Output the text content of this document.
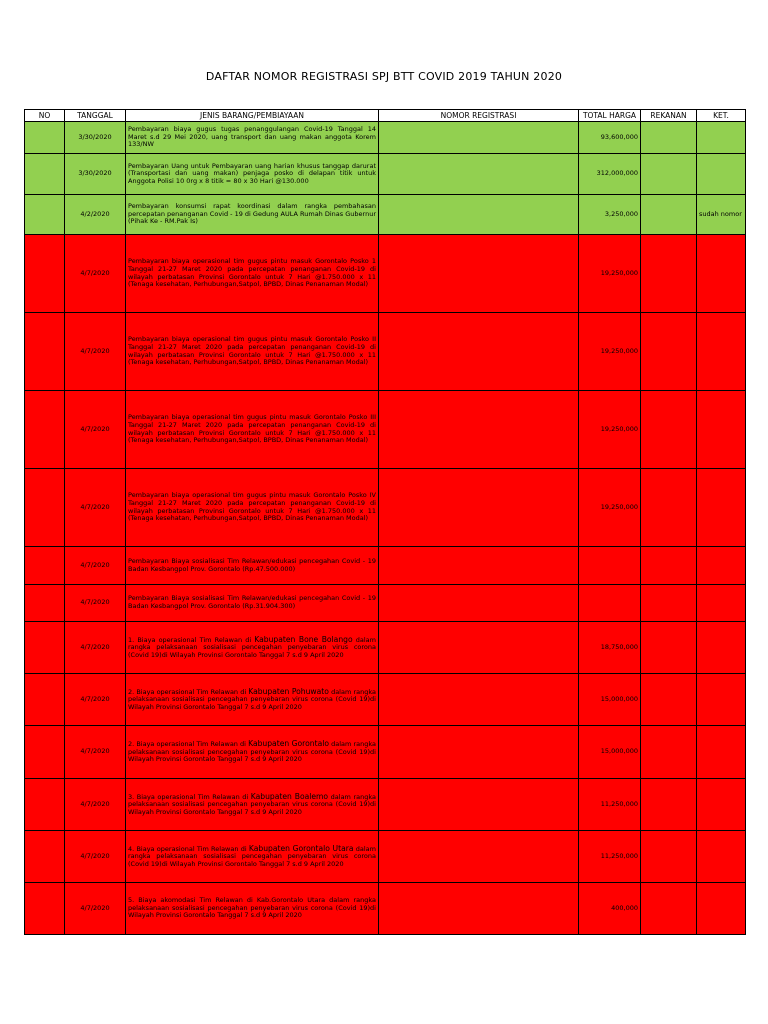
DAFTAR NOMOR REGISTRASI SPJ BTT COVID 2019 TAHUN 2020
NO	TANGGAL	JENIS BARANG/PEMBIAYAAN	NOMOR REGISTRASI	TOTAL HARGA	REKANAN	KET.
	3/30/2020	Pembayaran biaya gugus tugas penanggulangan Covid-19 Tanggal 14 Maret s.d 29 Mei 2020, uang transport dan uang makan anggota Korem 133/NW		93,600,000		
	3/30/2020	Pembayaran Uang untuk Pembayaran uang harian khusus tanggap darurat (Transportasi dan uang makan) penjaga posko di delapan titik untuk Anggota Polisi 10 0rg x 8 titik = 80 x 30 Hari @130.000		312,000,000		
	4/2/2020	Pembayaran konsumsi rapat koordinasi dalam rangka pembahasan percepatan penanganan Covid - 19 di Gedung AULA Rumah Dinas Gubernur (Pihak Ke - RM.Pak Is)		3,250,000		sudah nomor
	4/7/2020	Pembayaran biaya operasional tim gugus pintu masuk Gorontalo Posko 1 Tanggal 21-27 Maret 2020 pada percepatan penanganan Covid-19 di wilayah perbatasan Provinsi Gorontalo untuk 7 Hari @1.750.000 x 11 (Tenaga kesehatan, Perhubungan,Satpol, BPBD, Dinas Penanaman Modal)		19,250,000		
	4/7/2020	Pembayaran biaya operasional tim gugus pintu masuk Gorontalo Posko II Tanggal 21-27 Maret 2020 pada percepatan penanganan Covid-19 di wilayah perbatasan Provinsi Gorontalo untuk 7 Hari @1.750.000 x 11 (Tenaga kesehatan, Perhubungan,Satpol, BPBD, Dinas Penanaman Modal)		19,250,000		
	4/7/2020	Pembayaran biaya operasional tim gugus pintu masuk Gorontalo Posko III Tanggal 21-27 Maret 2020 pada percepatan penanganan Covid-19 di wilayah perbatasan Provinsi Gorontalo untuk 7 Hari @1.750.000 x 11 (Tenaga kesehatan, Perhubungan,Satpol, BPBD, Dinas Penanaman Modal)		19,250,000		
	4/7/2020	Pembayaran biaya operasional tim gugus pintu masuk Gorontalo Posko IV Tanggal 21-27 Maret 2020 pada percepatan penanganan Covid-19 di wilayah perbatasan Provinsi Gorontalo untuk 7 Hari @1.750.000 x 11 (Tenaga kesehatan, Perhubungan,Satpol, BPBD, Dinas Penanaman Modal)		19,250,000		
	4/7/2020	Pembayaran Biaya sosialisasi Tim Relawan/edukasi pencegahan Covid - 19 Badan Kesbangpol Prov. Gorontalo (Rp.47.500.000)				
	4/7/2020	Pembayaran Biaya sosialisasi Tim Relawan/edukasi pencegahan Covid - 19 Badan Kesbangpol Prov. Gorontalo (Rp.31.904.300)				
	4/7/2020	1. Biaya operasional Tim Relawan di Kabupaten Bone Bolango dalam rangka pelaksanaan sosialisasi pencegahan penyebaran virus corona (Covid 19)di Wilayah Provinsi Gorontalo Tanggal 7 s.d 9 April 2020		18,750,000		
	4/7/2020	2. Biaya operasional Tim Relawan di Kabupaten Pohuwato dalam rangka pelaksanaan sosialisasi pencegahan penyebaran virus corona (Covid 19)di Wilayah Provinsi Gorontalo Tanggal 7 s.d 9 April 2020		15,000,000		
	4/7/2020	2. Biaya operasional Tim Relawan di Kabupaten Gorontalo dalam rangka pelaksanaan sosialisasi pencegahan penyebaran virus corona (Covid 19)di Wilayah Provinsi Gorontalo Tanggal 7 s.d 9 April 2020		15,000,000		
	4/7/2020	3. Biaya operasional Tim Relawan di Kabupaten Boalemo dalam rangka pelaksanaan sosialisasi pencegahan penyebaran virus corona (Covid 19)di Wilayah Provinsi Gorontalo Tanggal 7 s.d 9 April 2020		11,250,000		
	4/7/2020	4. Biaya operasional Tim Relawan di Kabupaten Gorontalo Utara dalam rangka pelaksanaan sosialisasi pencegahan penyebaran virus corona (Covid 19)di Wilayah Provinsi Gorontalo Tanggal 7 s.d 9 April 2020		11,250,000		
	4/7/2020	5. Biaya akomodasi Tim Relawan di Kab.Gorontalo Utara dalam rangka pelaksanaan sosialisasi pencegahan penyebaran virus corona (Covid 19)di Wilayah Provinsi Gorontalo Tanggal 7 s.d 9 April 2020		400,000		
